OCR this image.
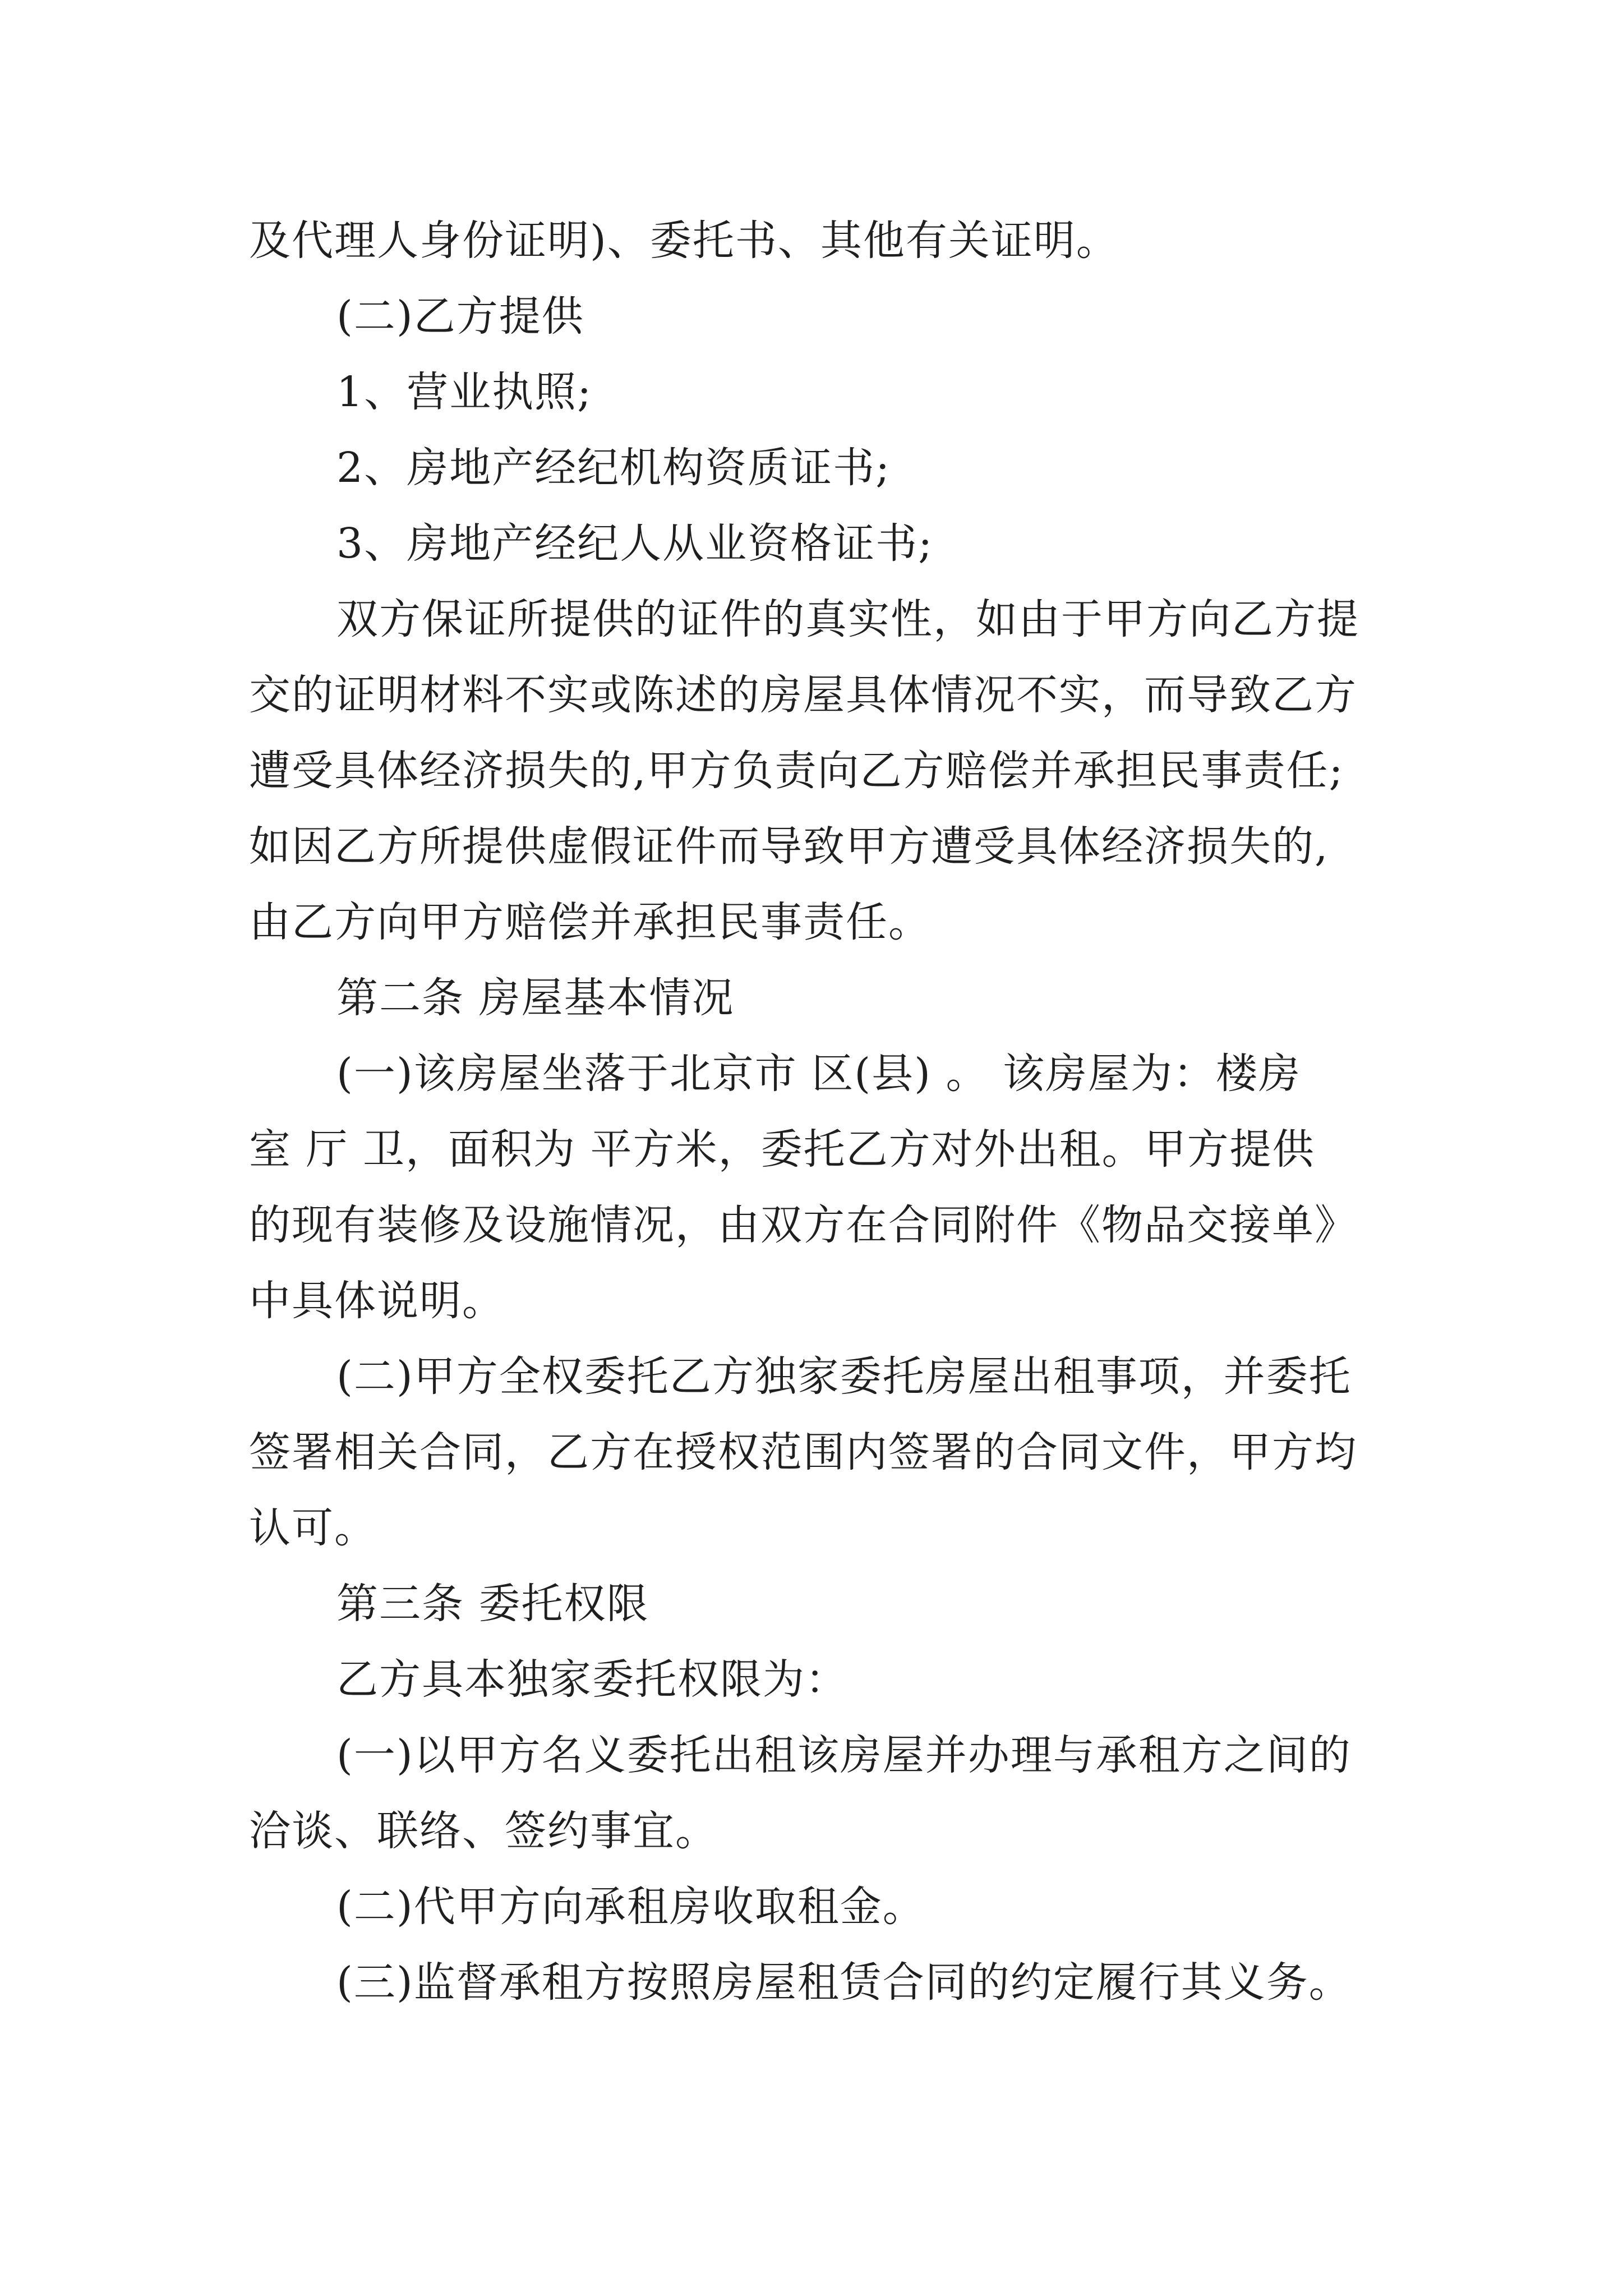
及代理人身份证明)、委托书、其他有关证明。
(二)乙方提供
1、营业执照;
2、房地产经纪机构资质证书;
3、房地产经纪人从业资格证书;
双方保证所提供的证件的真实性，如由于甲方向乙方提
交的证明材料不实或陈述的房屋具体情况不实，而导致乙方
遭受具体经济损失的,甲方负责向乙方赔偿并承担民事责任;
如因乙方所提供虚假证件而导致甲方遭受具体经济损失的,
由乙方向甲方赔偿并承担民事责任。
第二条 房屋基本情况
(一)该房屋坐落于北京市 区(县) 。 该房屋为：楼房
室 厅 卫，面积为 平方米，委托乙方对外出租。甲方提供
的现有装修及设施情况，由双方在合同附件《物品交接单》
中具体说明。
(二)甲方全权委托乙方独家委托房屋出租事项，并委托
签署相关合同，乙方在授权范围内签署的合同文件，甲方均
认可。
第三条 委托权限
乙方具本独家委托权限为：
(一)以甲方名义委托出租该房屋并办理与承租方之间的
洽谈、联络、签约事宜。
(二)代甲方向承租房收取租金。
(三)监督承租方按照房屋租赁合同的约定履行其义务。
